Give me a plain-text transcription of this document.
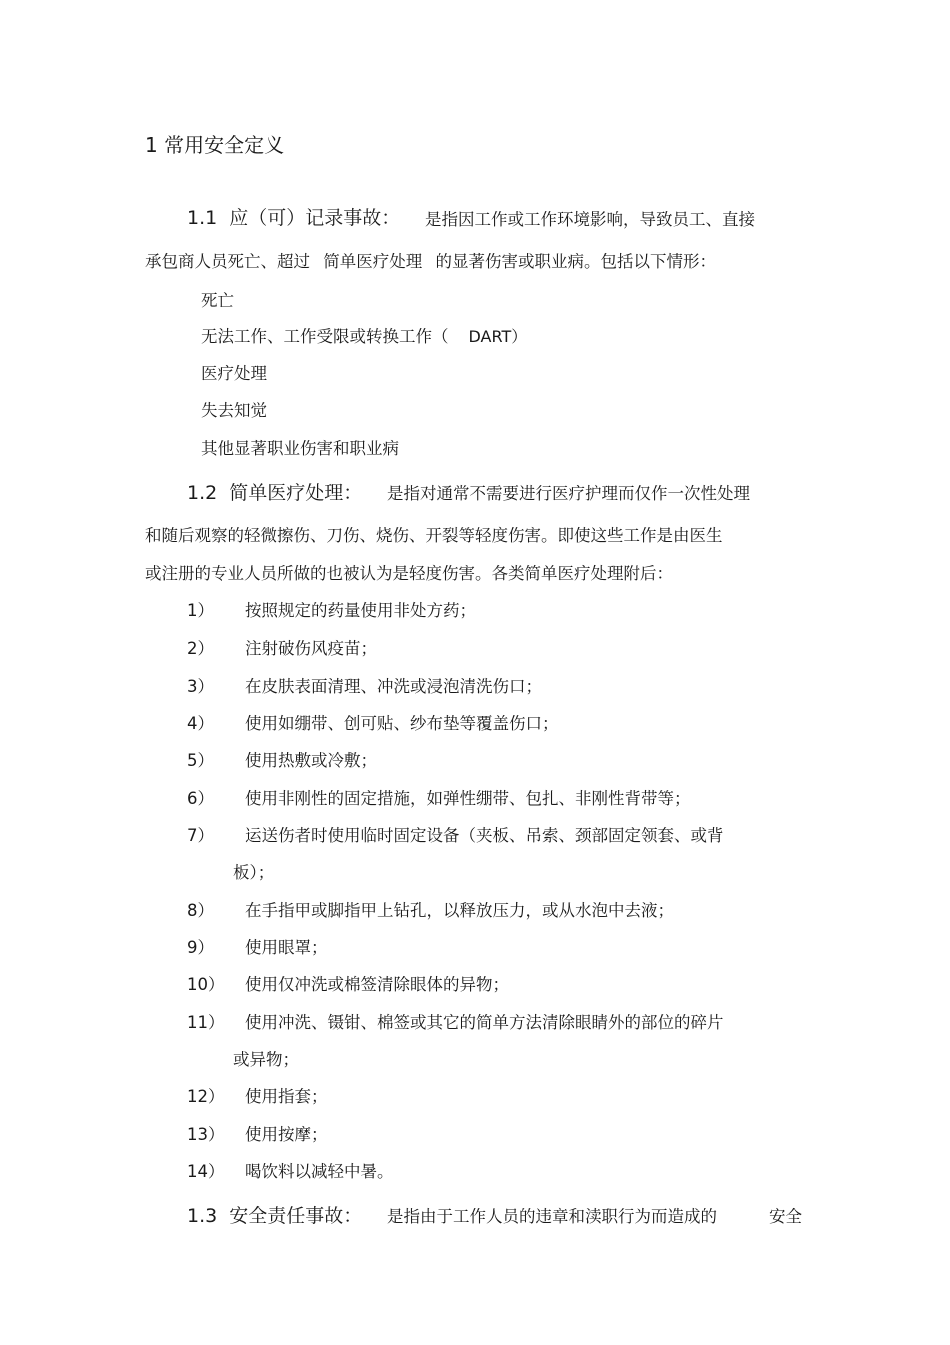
1 常用安全定义
1.1 应（可）记录事故： 是指因工作或工作环境影响，导致员工、直接
承包商人员死亡、超过 简单医疗处理 的显著伤害或职业病。包括以下情形：
死亡
无法工作、工作受限或转换工作（ DART）
医疗处理
失去知觉
其他显著职业伤害和职业病
1.2 简单医疗处理： 是指对通常不需要进行医疗护理而仅作一次性处理
和随后观察的轻微擦伤、刀伤、烧伤、开裂等轻度伤害。即使这些工作是由医生
或注册的专业人员所做的也被认为是轻度伤害。各类简单医疗处理附后：
1） 按照规定的药量使用非处方药；
2） 注射破伤风疫苗；
3） 在皮肤表面清理、冲洗或浸泡清洗伤口；
4） 使用如绷带、创可贴、纱布垫等覆盖伤口；
5） 使用热敷或冷敷；
6） 使用非刚性的固定措施，如弹性绷带、包扎、非刚性背带等；
7） 运送伤者时使用临时固定设备（夹板、吊索、颈部固定领套、或背
板）；
8） 在手指甲或脚指甲上钻孔，以释放压力，或从水泡中去液；
9） 使用眼罩；
10） 使用仅冲洗或棉签清除眼体的异物；
11） 使用冲洗、镊钳、棉签或其它的简单方法清除眼睛外的部位的碎片
或异物；
12） 使用指套；
13） 使用按摩；
14） 喝饮料以减轻中暑。
1.3 安全责任事故： 是指由于工作人员的违章和渎职行为而造成的	安全
